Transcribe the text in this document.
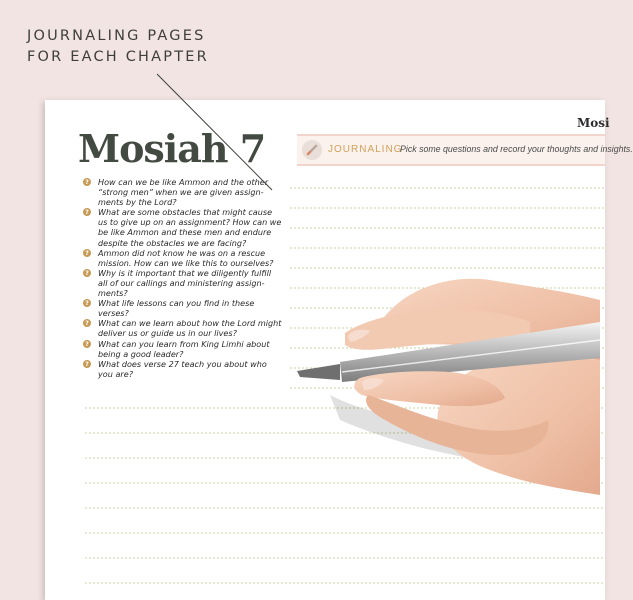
JOURNALING PAGES
FOR EACH CHAPTER
Mosiah 7
Mosi
JOURNALING
Pick some questions and record your thoughts and insights.
? How can we be like Ammon and the other “strong men” when we are given assign-ments by the Lord?
? What are some obstacles that might cause us to give up on an assignment? How can we be like Ammon and these men and endure despite the obstacles we are facing?
? Ammon did not know he was on a rescue mission. How can we like this to ourselves?
? Why is it important that we diligently fulfill all of our callings and ministering assign-ments?
? What life lessons can you find in these verses?
? What can we learn about how the Lord might deliver us or guide us in our lives?
? What can you learn from King Limhi about being a good leader?
? What does verse 27 teach you about who you are?
